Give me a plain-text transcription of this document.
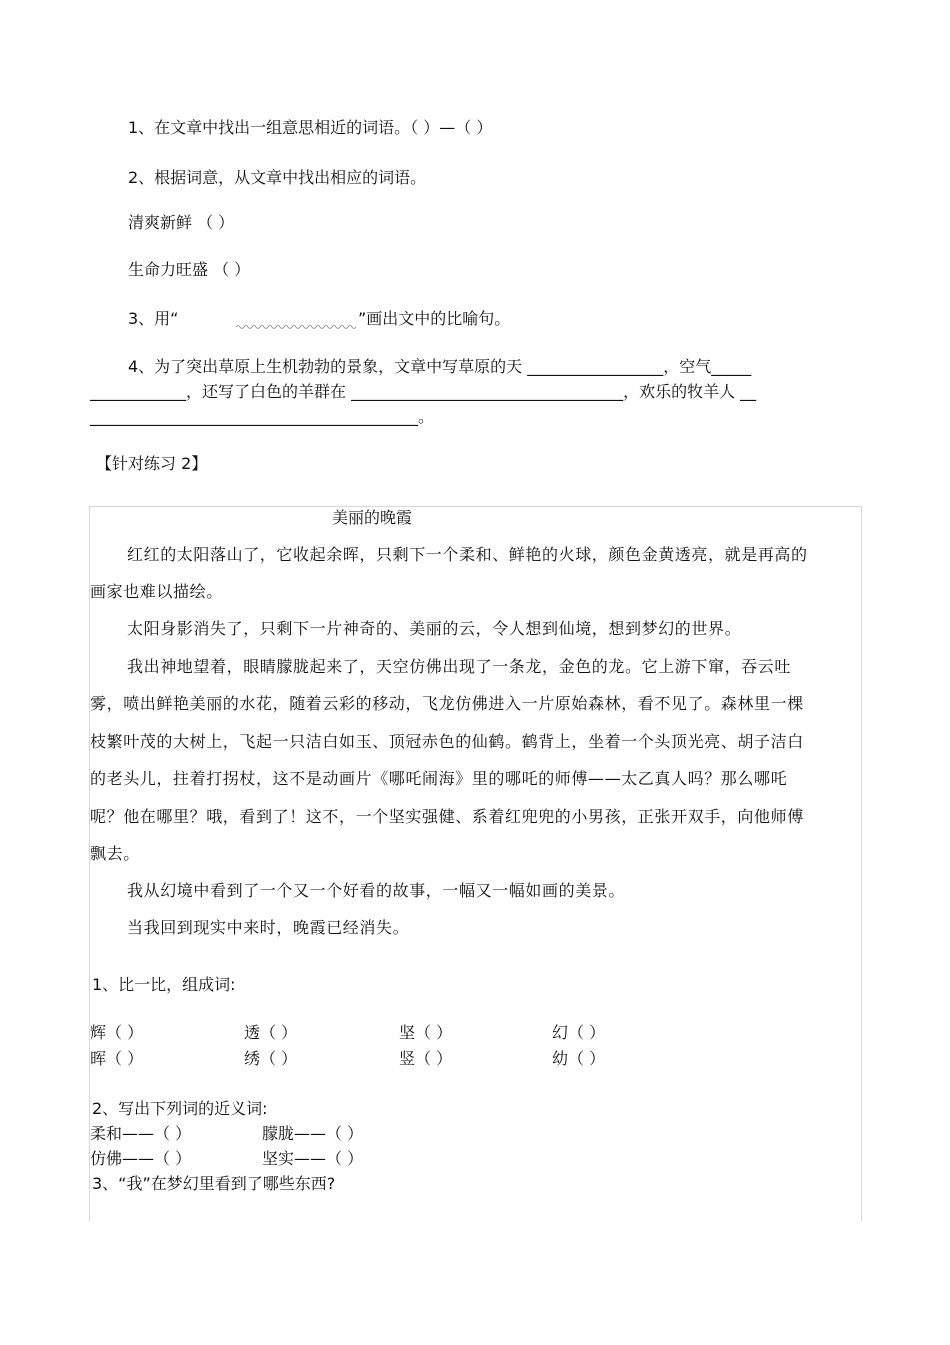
1、在文章中找出一组意思相近的词语。（ ）—（ ）
2、根据词意，从文章中找出相应的词语。
清爽新鲜 （ ）
生命力旺盛 （ ）
3、用“	”画出文中的比喻句。
4、为了突出草原上生机勃勃的景象，文章中写草原的天 _________________，空气_____
____________，还写了白色的羊群在 __________________________________，欢乐的牧羊人 __
_________________________________________。
【针对练习 2】
美丽的晚霞
红红的太阳落山了，它收起余晖，只剩下一个柔和、鲜艳的火球，颜色金黄透亮，就是再高的画家也难以描绘。
太阳身影消失了，只剩下一片神奇的、美丽的云，令人想到仙境，想到梦幻的世界。
我出神地望着，眼睛朦胧起来了，天空仿佛出现了一条龙，金色的龙。它上游下窜，吞云吐雾，喷出鲜艳美丽的水花，随着云彩的移动，飞龙仿佛进入一片原始森林，看不见了。森林里一棵枝繁叶茂的大树上，飞起一只洁白如玉、顶冠赤色的仙鹤。鹤背上，坐着一个头顶光亮、胡子洁白的老头儿，拄着打拐杖，这不是动画片《哪吒闹海》里的哪吒的师傅——太乙真人吗？那么哪吒呢？他在哪里？哦，看到了！这不，一个坚实强健、系着红兜兜的小男孩，正张开双手，向他师傅飘去。
我从幻境中看到了一个又一个好看的故事，一幅又一幅如画的美景。
当我回到现实中来时，晚霞已经消失。
1、比一比，组成词:
辉（ ）	透（ ）	坚（ ）	幻（ ）
晖（ ）	绣（ ）	竖（ ）	幼（ ）
2、写出下列词的近义词:
柔和——（ ）	朦胧——（ ）
仿佛——（ ）	坚实——（ ）
3、“我”在梦幻里看到了哪些东西?
